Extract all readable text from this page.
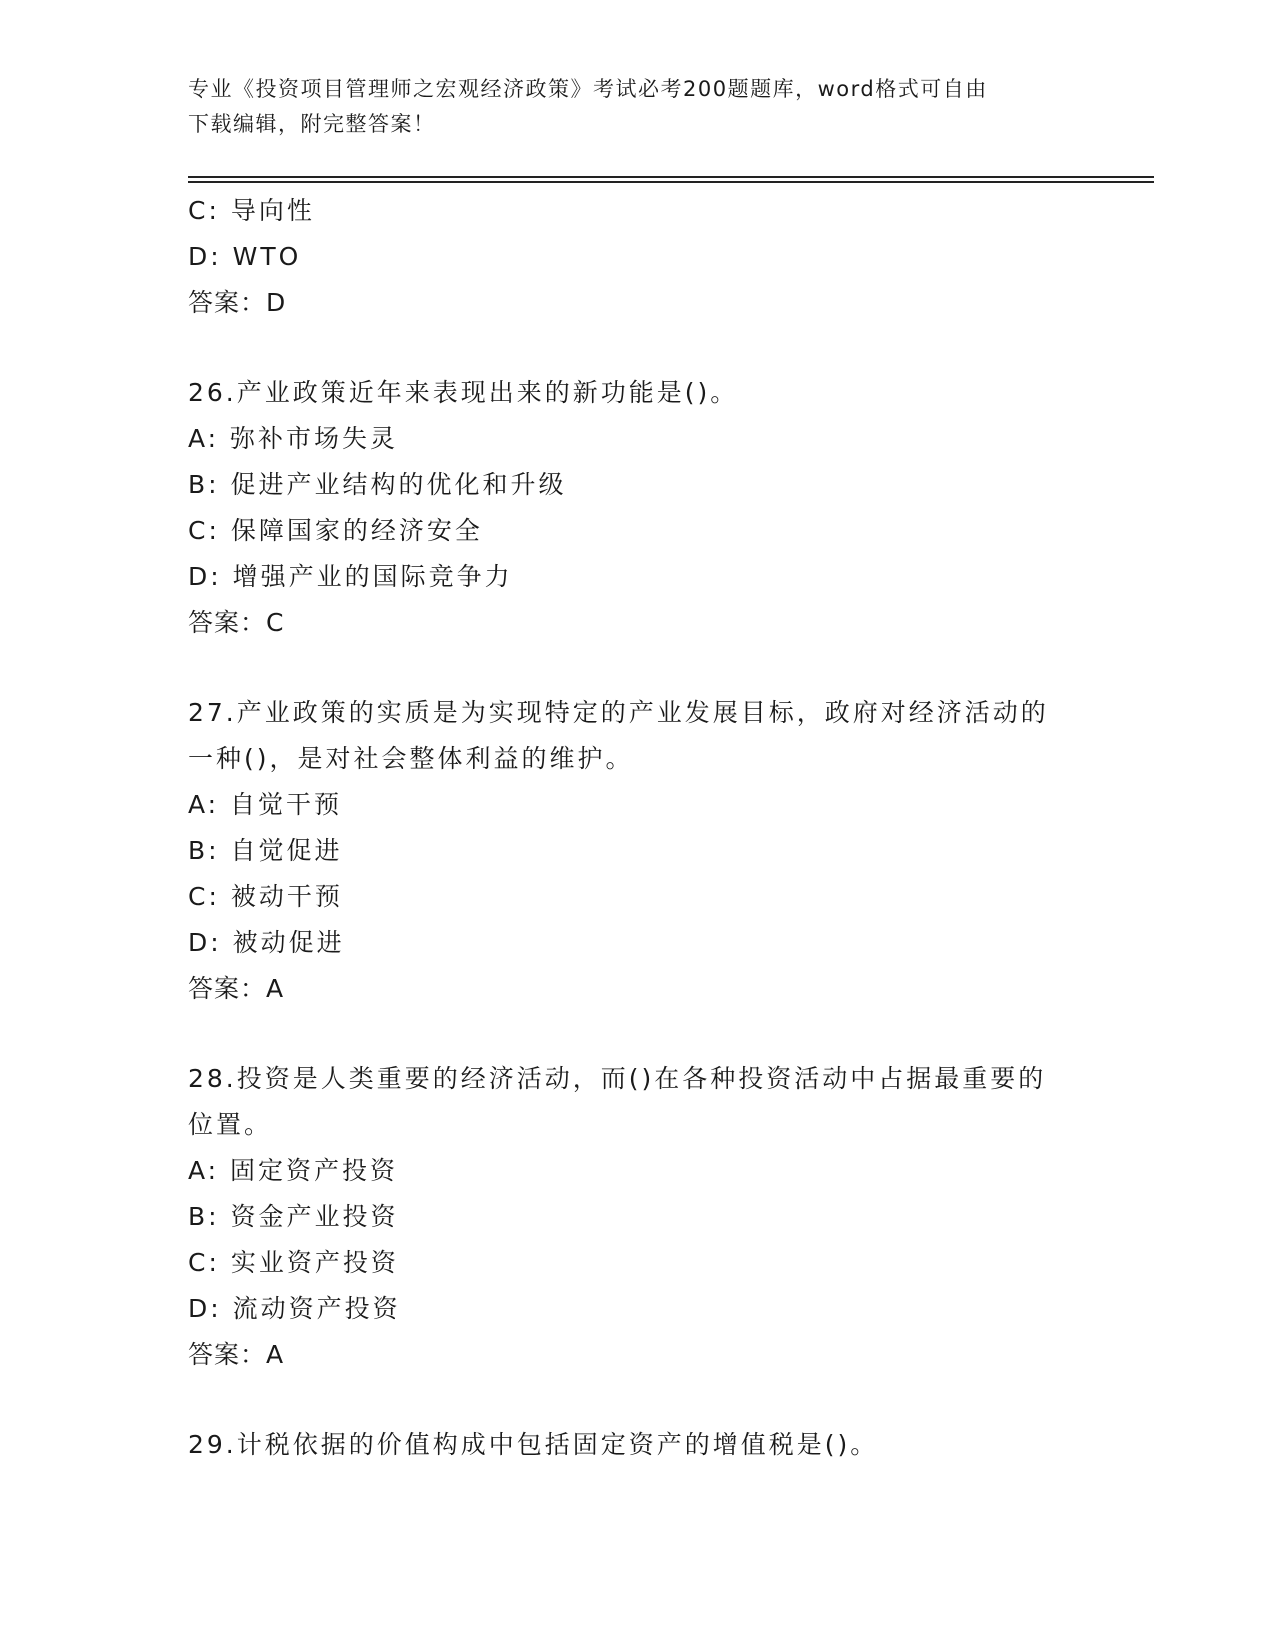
专业《投资项目管理师之宏观经济政策》考试必考200题题库，word格式可自由
下载编辑，附完整答案！
C: 导向性
D: WTO
答案：D
26.产业政策近年来表现出来的新功能是()。
A: 弥补市场失灵
B: 促进产业结构的优化和升级
C: 保障国家的经济安全
D: 增强产业的国际竞争力
答案：C
27.产业政策的实质是为实现特定的产业发展目标，政府对经济活动的
一种()，是对社会整体利益的维护。
A: 自觉干预
B: 自觉促进
C: 被动干预
D: 被动促进
答案：A
28.投资是人类重要的经济活动，而()在各种投资活动中占据最重要的
位置。
A: 固定资产投资
B: 资金产业投资
C: 实业资产投资
D: 流动资产投资
答案：A
29.计税依据的价值构成中包括固定资产的增值税是()。
